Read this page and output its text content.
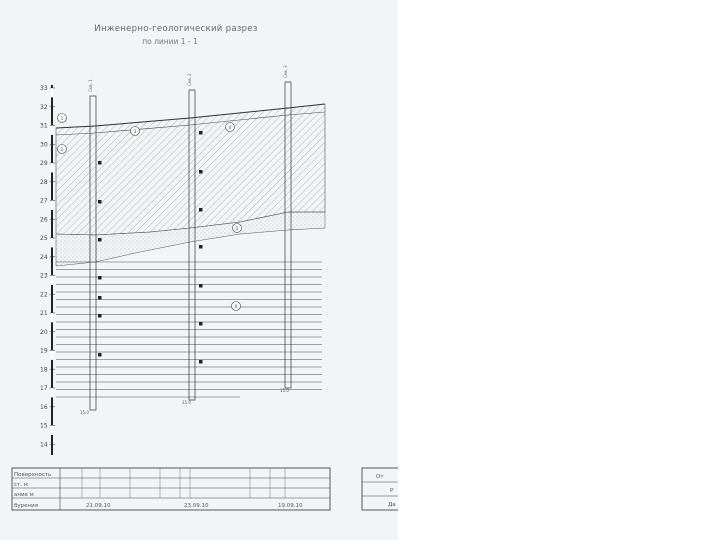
Инженерно-геологический разрез
по линии 1 - 1
33
32
31
30
29
28
27
26
25
24
23
22
21
20
19
18
17
16
15
14
Скв. 1	Скв. 2
Скв. 3
15.0
15.0
15.0
1
2
3
4
5
6
Поверхность
ст. м
ание м
бурения	21.09.10	23.09.10	19.09.10
От
Р
Да
